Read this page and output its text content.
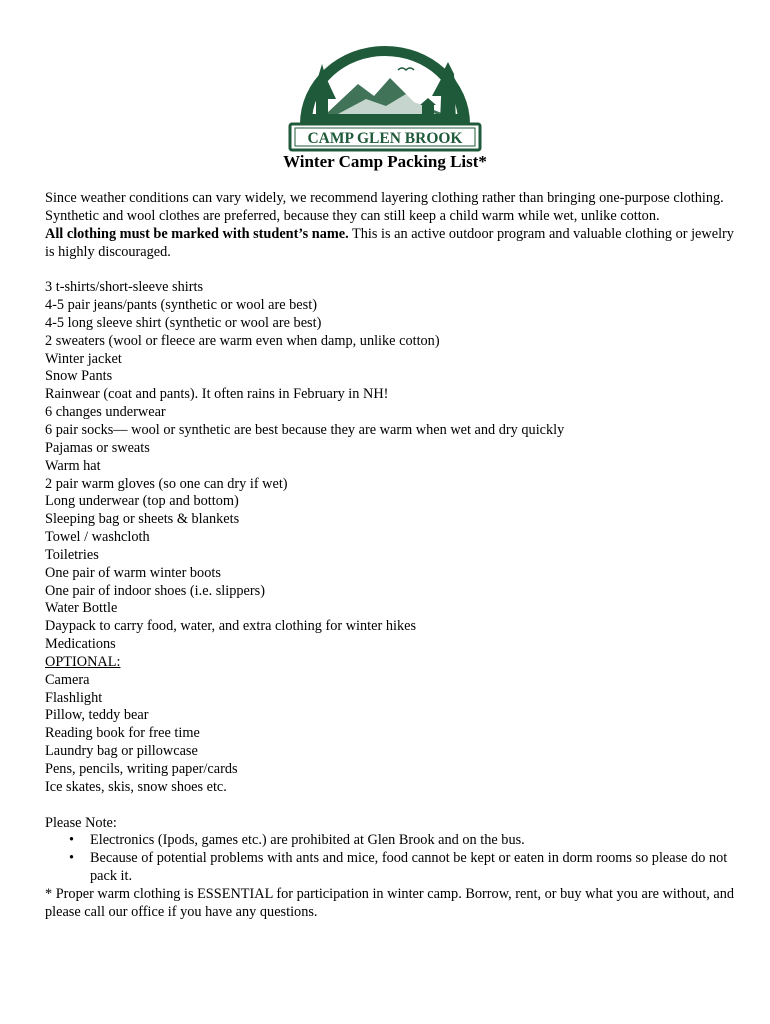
CAMP GLEN BROOK
Winter Camp Packing List*

Since weather conditions can vary widely, we recommend layering clothing rather than bringing one-purpose clothing. Synthetic and wool clothes are preferred, because they can still keep a child warm while wet, unlike cotton.

All clothing must be marked with student’s name. This is an active outdoor program and valuable clothing or jewelry is highly discouraged.

3 t-shirts/short-sleeve shirts

4-5 pair jeans/pants (synthetic or wool are best)

4-5 long sleeve shirt (synthetic or wool are best)

2 sweaters (wool or fleece are warm even when damp, unlike cotton)

Winter jacket

Snow Pants

Rainwear (coat and pants). It often rains in February in NH!

6 changes underwear

6 pair socks— wool or synthetic are best because they are warm when wet and dry quickly

Pajamas or sweats

Warm hat

2 pair warm gloves (so one can dry if wet)

Long underwear (top and bottom)

Sleeping bag or sheets & blankets

Towel / washcloth

Toiletries

One pair of warm winter boots

One pair of indoor shoes (i.e. slippers)

Water Bottle

Daypack to carry food, water, and extra clothing for winter hikes

Medications

OPTIONAL:

Camera

Flashlight

Pillow, teddy bear

Reading book for free time

Laundry bag or pillowcase

Pens, pencils, writing paper/cards

Ice skates, skis, snow shoes etc.

Please Note:

• Electronics (Ipods, games etc.) are prohibited at Glen Brook and on the bus.
• Because of potential problems with ants and mice, food cannot be kept or eaten in dorm rooms so please do not pack it.

* Proper warm clothing is ESSENTIAL for participation in winter camp. Borrow, rent, or buy what you are without, and please call our office if you have any questions.
